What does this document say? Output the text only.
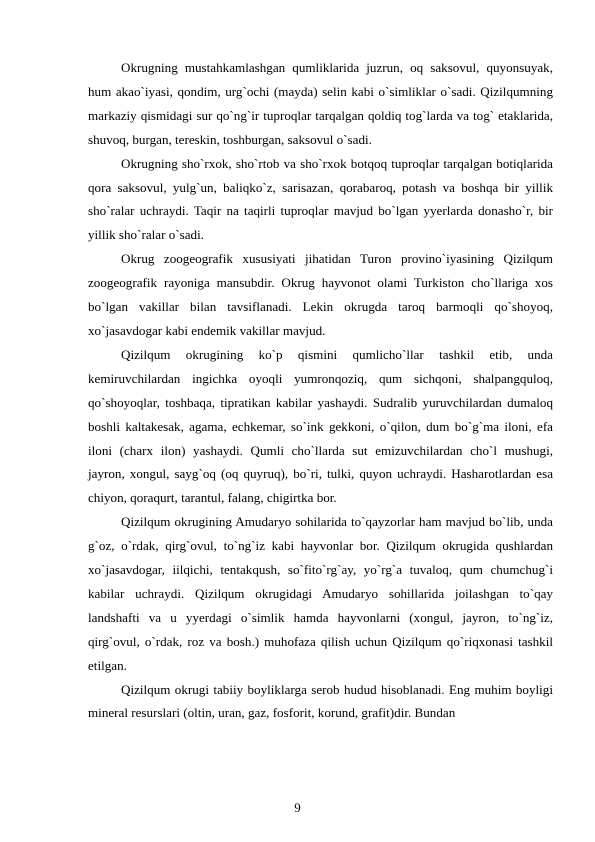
Okrugning mustahkamlashgan qumliklarida juzrun, oq saksovul, quyonsuyak, hum akao`iyasi, qondim, urg`ochi (mayda) selin kabi o`simliklar o`sadi. Qizilqumning markaziy qismidagi sur qo`ng`ir tuproqlar tarqalgan qoldiq tog`larda va tog` etaklarida, shuvoq, burgan, tereskin, toshburgan, saksovul o`sadi.

Okrugning sho`rxok, sho`rtob va sho`rxok botqoq tuproqlar tarqalgan botiqlarida qora saksovul, yulg`un, baliqko`z, sarisazan, qorabaroq, potash va boshqa bir yillik sho`ralar uchraydi. Taqir na taqirli tuproqlar mavjud bo`lgan yyerlarda donasho`r, bir yillik sho`ralar o`sadi.

Okrug zoogeografik xususiyati jihatidan Turon provino`iyasining Qizilqum zoogeografik rayoniga mansubdir. Okrug hayvonot olami Turkiston cho`llariga xos bo`lgan vakillar bilan tavsiflanadi. Lekin okrugda taroq barmoqli qo`shoyoq, xo`jasavdogar kabi endemik vakillar mavjud.

Qizilqum okrugining ko`p qismini qumlicho`llar tashkil etib, unda kemiruvchilardan ingichka oyoqli yumronqoziq, qum sichqoni, shalpangquloq, qo`shoyoqlar, toshbaqa, tipratikan kabilar yashaydi. Sudralib yuruvchilardan dumaloq boshli kaltakesak, agama, echkemar, so`ink gekkoni, o`qilon, dum bo`g`ma iloni, efa iloni (charx ilon) yashaydi. Qumli cho`llarda sut emizuvchilardan cho`l mushugi, jayron, xongul, sayg`oq (oq quyruq), bo`ri, tulki, quyon uchraydi. Hasharotlardan esa chiyon, qoraqurt, tarantul, falang, chigirtka bor.

Qizilqum okrugining Amudaryo sohilarida to`qayzorlar ham mavjud bo`lib, unda g`oz, o`rdak, qirg`ovul, to`ng`iz kabi hayvonlar bor. Qizilqum okrugida qushlardan xo`jasavdogar, iilqichi, tentakqush, so`fito`rg`ay, yo`rg`a tuvaloq, qum chumchug`i kabilar uchraydi. Qizilqum okrugidagi Amudaryo sohillarida joilashgan to`qay landshafti va u yyerdagi o`simlik hamda hayvonlarni (xongul, jayron, to`ng`iz, qirg`ovul, o`rdak, roz va bosh.) muhofaza qilish uchun Qizilqum qo`riqxonasi tashkil etilgan.

Qizilqum okrugi tabiiy boyliklarga serob hudud hisoblanadi. Eng muhim boyligi mineral resurslari (oltin, uran, gaz, fosforit, korund, grafit)dir. Bundan

9
